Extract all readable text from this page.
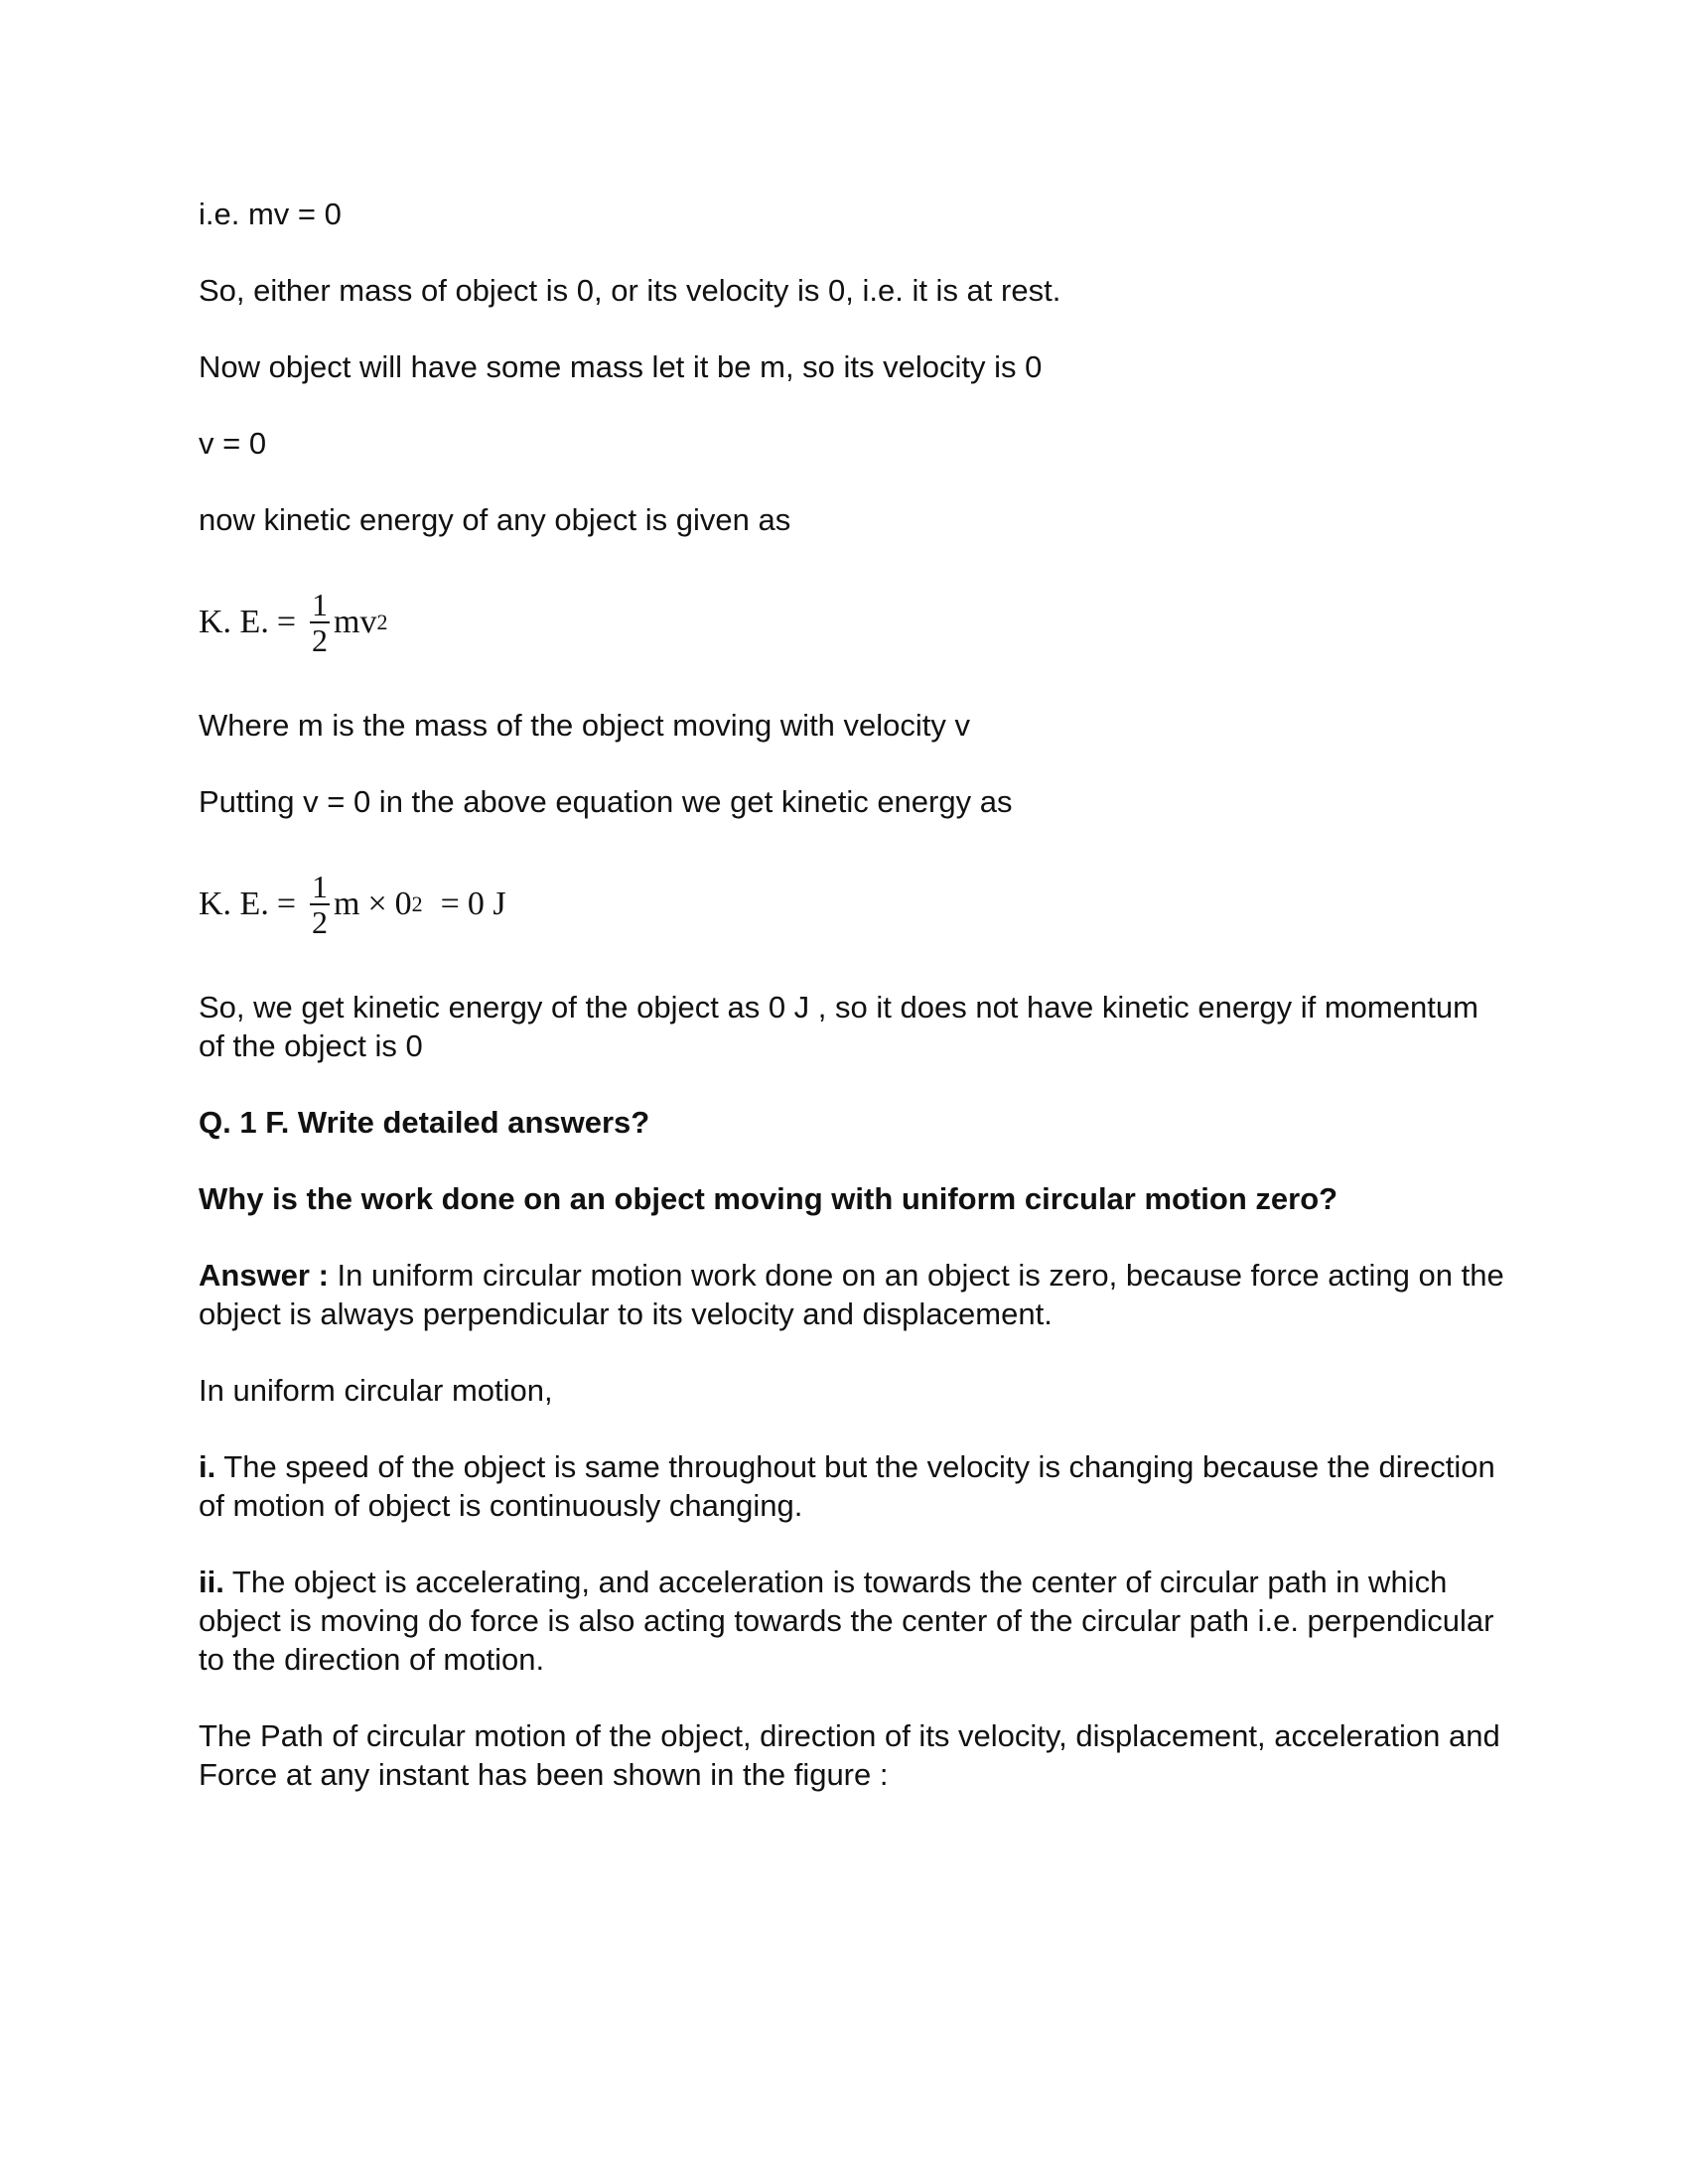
i.e. mv = 0

So, either mass of object is 0, or its velocity is 0, i.e. it is at rest.

Now object will have some mass let it be m, so its velocity is 0

v = 0

now kinetic energy of any object is given as

K. E. = $\frac{1}{2}$ mv 2

Where m is the mass of the object moving with velocity v

Putting v = 0 in the above equation we get kinetic energy as

K. E. = $\frac{1}{2}$ m × 0 2 = 0 J

So, we get kinetic energy of the object as 0 J , so it does not have kinetic energy if momentum of the object is 0

Q. 1 F. Write detailed answers?

Why is the work done on an object moving with uniform circular motion zero?

Answer : In uniform circular motion work done on an object is zero, because force acting on the object is always perpendicular to its velocity and displacement.

In uniform circular motion,

i. The speed of the object is same throughout but the velocity is changing because the direction of motion of object is continuously changing.

ii. The object is accelerating, and acceleration is towards the center of circular path in which object is moving do force is also acting towards the center of the circular path i.e. perpendicular to the direction of motion.

The Path of circular motion of the object, direction of its velocity, displacement, acceleration and Force at any instant has been shown in the figure :
